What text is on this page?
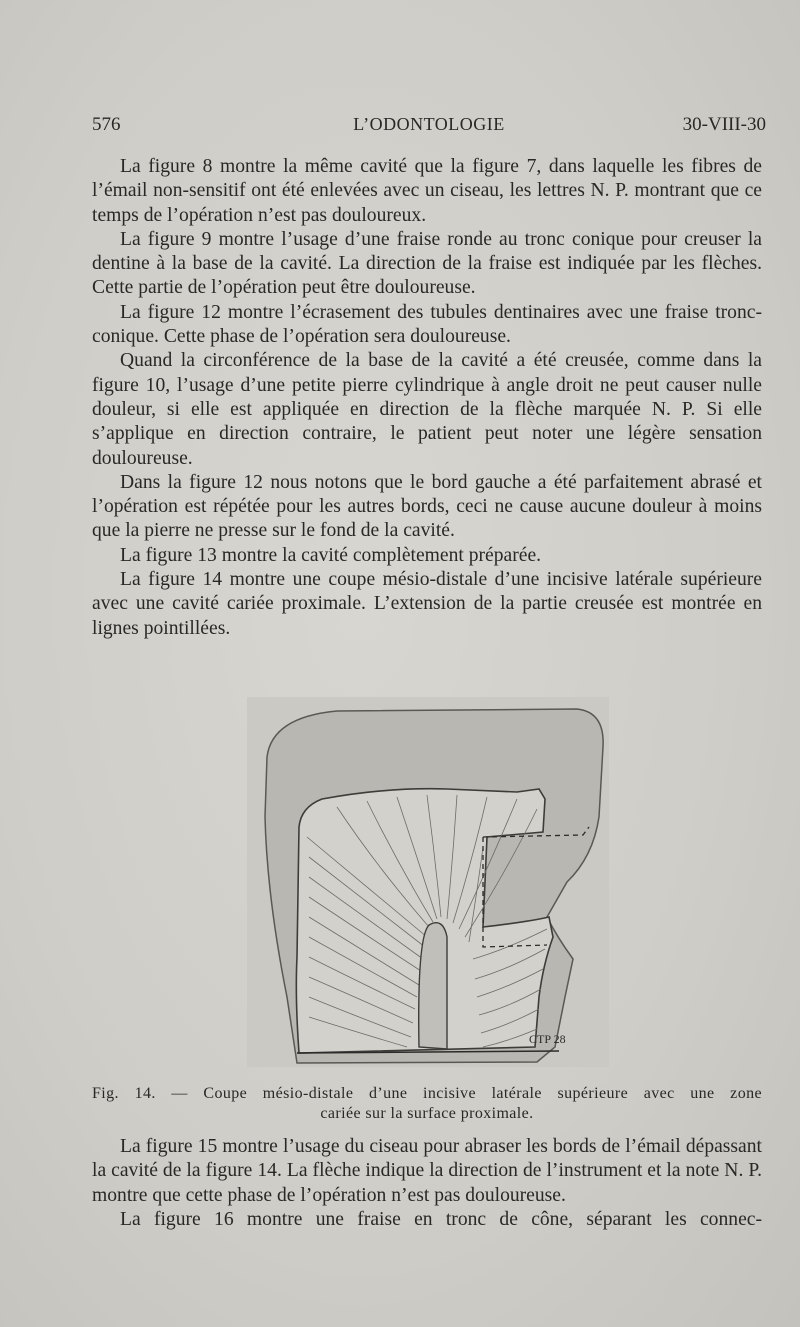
576	L’ODONTOLOGIE	30-VIII-30

La figure 8 montre la même cavité que la figure 7, dans laquelle les fibres de l’émail non-sensitif ont été enlevées avec un ciseau, les lettres N. P. montrant que ce temps de l’opération n’est pas douloureux.

La figure 9 montre l’usage d’une fraise ronde au tronc conique pour creuser la dentine à la base de la cavité. La direction de la fraise est indiquée par les flèches. Cette partie de l’opération peut être douloureuse.

La figure 12 montre l’écrasement des tubules dentinaires avec une fraise tronc-conique. Cette phase de l’opération sera douloureuse.

Quand la circonférence de la base de la cavité a été creusée, comme dans la figure 10, l’usage d’une petite pierre cylindrique à angle droit ne peut causer nulle douleur, si elle est appliquée en direction de la flèche marquée N. P. Si elle s’applique en direction contraire, le patient peut noter une légère sensation douloureuse.

Dans la figure 12 nous notons que le bord gauche a été parfaitement abrasé et l’opération est répétée pour les autres bords, ceci ne cause aucune douleur à moins que la pierre ne presse sur le fond de la cavité.

La figure 13 montre la cavité complètement préparée.

La figure 14 montre une coupe mésio-distale d’une incisive latérale supérieure avec une cavité cariée proximale. L’extension de la partie creusée est montrée en lignes pointillées.

CTP 28
Fig. 14. — Coupe mésio-distale d’une incisive latérale supérieure avec une zone
cariée sur la surface proximale.

La figure 15 montre l’usage du ciseau pour abraser les bords de l’émail dépassant la cavité de la figure 14. La flèche indique la direction de l’instrument et la note N. P. montre que cette phase de l’opération n’est pas douloureuse.

La figure 16 montre une fraise en tronc de cône, séparant les connec-
